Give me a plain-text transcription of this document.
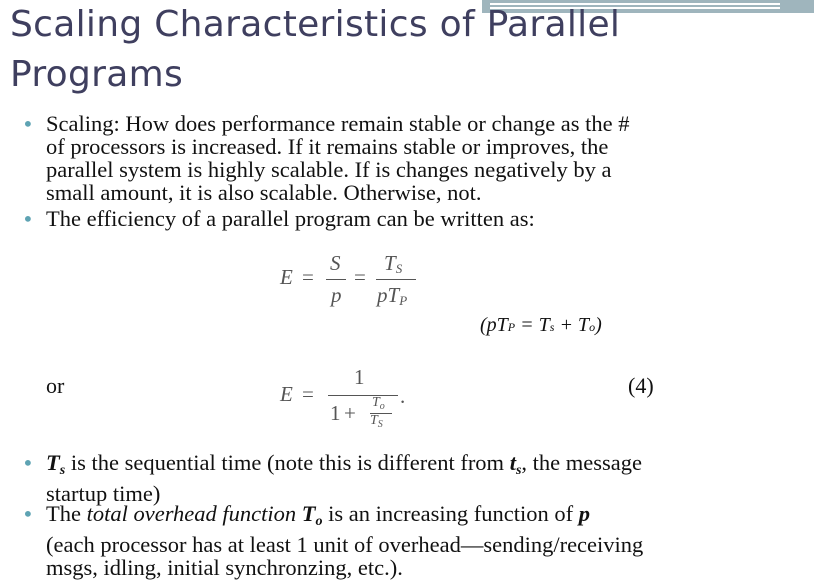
Scaling Characteristics of Parallel
Programs
• Scaling: How does performance remain stable or change as the #
of processors is increased. If it remains stable or improves, the
parallel system is highly scalable. If is changes negatively by a
small amount, it is also scalable. Otherwise, not.
• The efficiency of a parallel program can be written as:
E =
S
p
=
$T_S$
$pT_P$
(pTP = Ts + To)
or	E =
1
$1 + T_o$
$T_S$
.	(4)
• Ts is the sequential time (note this is different from ts, the message
startup time)
• The total overhead function To is an increasing function of p
(each processor has at least 1 unit of overhead—sending/receiving
msgs, idling, initial synchronzing, etc.).
